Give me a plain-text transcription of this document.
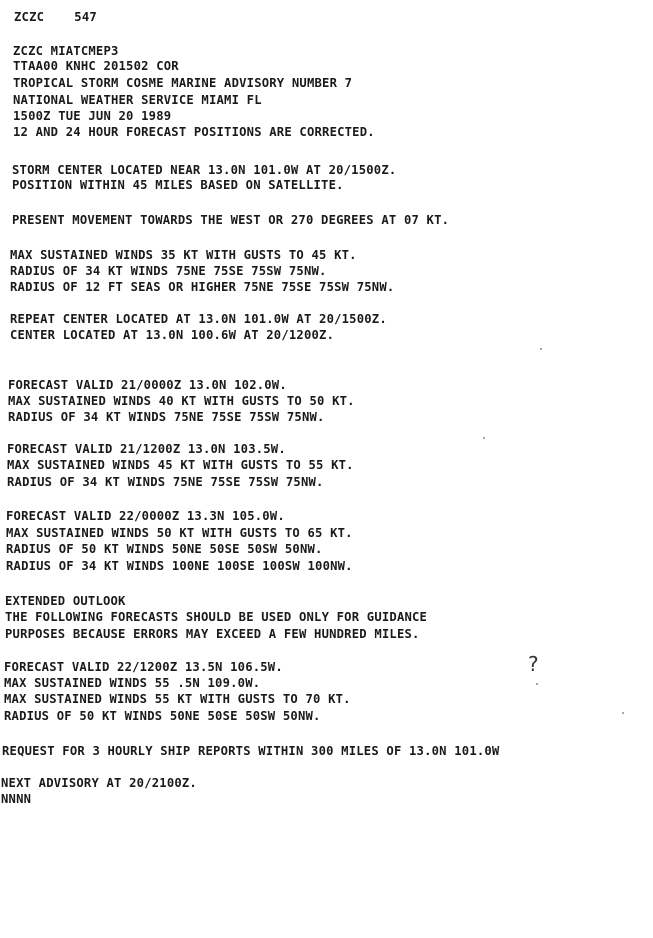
ZCZC    547
ZCZC MIATCMEP3
TTAA00 KNHC 201502 COR
TROPICAL STORM COSME MARINE ADVISORY NUMBER 7
NATIONAL WEATHER SERVICE MIAMI FL
1500Z TUE JUN 20 1989
12 AND 24 HOUR FORECAST POSITIONS ARE CORRECTED.
STORM CENTER LOCATED NEAR 13.0N 101.0W AT 20/1500Z.
POSITION WITHIN 45 MILES BASED ON SATELLITE.
PRESENT MOVEMENT TOWARDS THE WEST OR 270 DEGREES AT 07 KT.
MAX SUSTAINED WINDS 35 KT WITH GUSTS TO 45 KT.
RADIUS OF 34 KT WINDS 75NE 75SE 75SW 75NW.
RADIUS OF 12 FT SEAS OR HIGHER 75NE 75SE 75SW 75NW.
REPEAT CENTER LOCATED AT 13.0N 101.0W AT 20/1500Z.
CENTER LOCATED AT 13.0N 100.6W AT 20/1200Z.
FORECAST VALID 21/0000Z 13.0N 102.0W.
MAX SUSTAINED WINDS 40 KT WITH GUSTS TO 50 KT.
RADIUS OF 34 KT WINDS 75NE 75SE 75SW 75NW.
FORECAST VALID 21/1200Z 13.0N 103.5W.
MAX SUSTAINED WINDS 45 KT WITH GUSTS TO 55 KT.
RADIUS OF 34 KT WINDS 75NE 75SE 75SW 75NW.
FORECAST VALID 22/0000Z 13.3N 105.0W.
MAX SUSTAINED WINDS 50 KT WITH GUSTS TO 65 KT.
RADIUS OF 50 KT WINDS 50NE 50SE 50SW 50NW.
RADIUS OF 34 KT WINDS 100NE 100SE 100SW 100NW.
EXTENDED OUTLOOK
THE FOLLOWING FORECASTS SHOULD BE USED ONLY FOR GUIDANCE
PURPOSES BECAUSE ERRORS MAY EXCEED A FEW HUNDRED MILES.
FORECAST VALID 22/1200Z 13.5N 106.5W.
MAX SUSTAINED WINDS 55 .5N 109.0W.
MAX SUSTAINED WINDS 55 KT WITH GUSTS TO 70 KT.
RADIUS OF 50 KT WINDS 50NE 50SE 50SW 50NW.
?
REQUEST FOR 3 HOURLY SHIP REPORTS WITHIN 300 MILES OF 13.0N 101.0W
NEXT ADVISORY AT 20/2100Z.
NNNN
